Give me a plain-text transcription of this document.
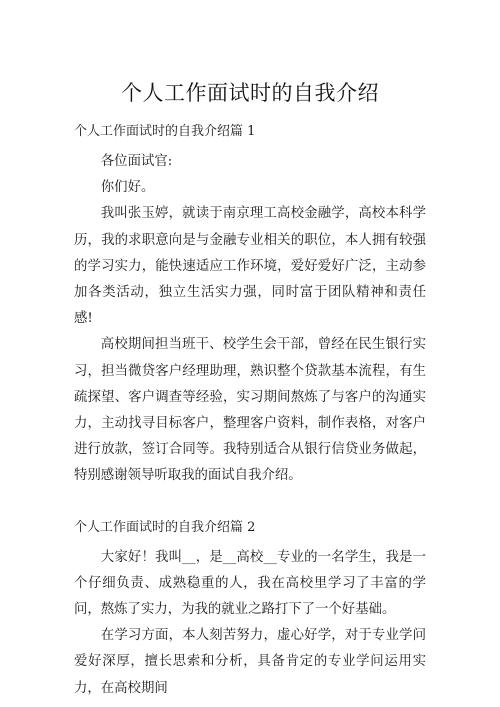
个人工作面试时的自我介绍

个人工作面试时的自我介绍篇 1

各位面试官:

你们好。

我叫张玉婷，就读于南京理工高校金融学，高校本科学历，我的求职意向是与金融专业相关的职位，本人拥有较强的学习实力，能快速适应工作环境，爱好爱好广泛，主动参加各类活动，独立生活实力强，同时富于团队精神和责任感!

高校期间担当班干、校学生会干部，曾经在民生银行实习，担当微贷客户经理助理，熟识整个贷款基本流程，有生疏探望、客户调查等经验，实习期间熬炼了与客户的沟通实力，主动找寻目标客户，整理客户资料，制作表格，对客户进行放款，签订合同等。我特别适合从银行信贷业务做起，特别感谢领导听取我的面试自我介绍。

个人工作面试时的自我介绍篇 2

大家好！我叫__，是__高校__专业的一名学生，我是一个仔细负责、成熟稳重的人，我在高校里学习了丰富的学问，熬炼了实力，为我的就业之路打下了一个好基础。

在学习方面，本人刻苦努力，虚心好学，对于专业学问爱好深厚，擅长思索和分析，具备肯定的专业学问运用实力，在高校期间
